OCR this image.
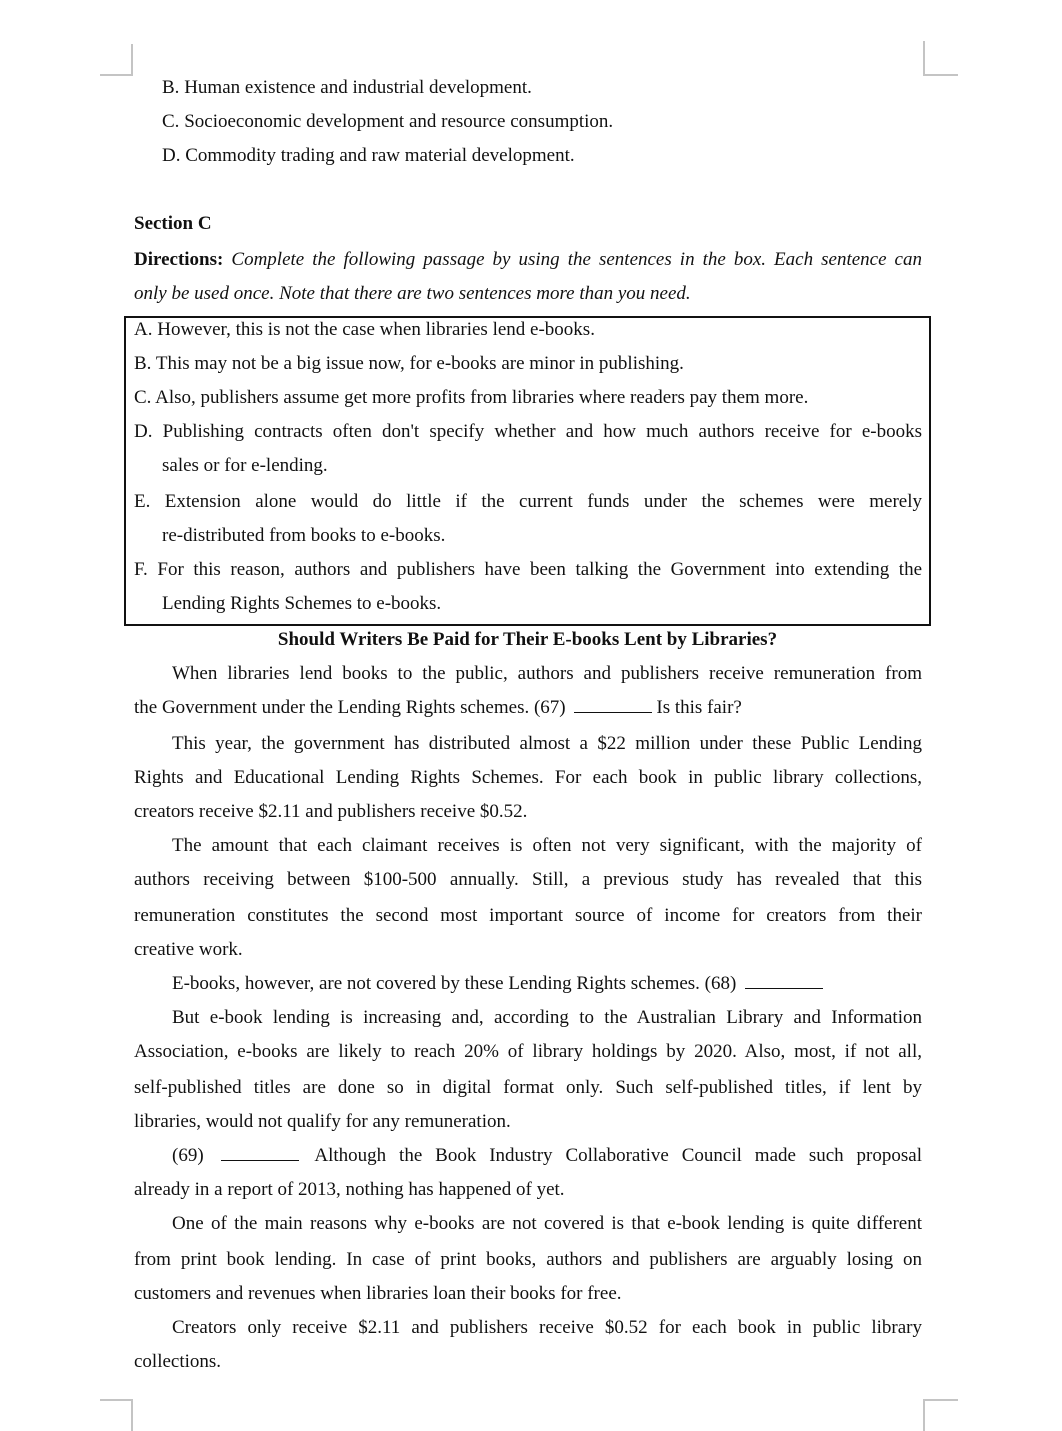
B. Human existence and industrial development.
C. Socioeconomic development and resource consumption.
D. Commodity trading and raw material development.
Section C
Directions: Complete the following passage by using the sentences in the box. Each sentence can
only be used once. Note that there are two sentences more than you need.
A. However, this is not the case when libraries lend e-books.
B. This may not be a big issue now, for e-books are minor in publishing.
C. Also, publishers assume get more profits from libraries where readers pay them more.
D. Publishing contracts often don't specify whether and how much authors receive for e-books
sales or for e-lending.
E. Extension alone would do little if the current funds under the schemes were merely
re-distributed from books to e-books.
F. For this reason, authors and publishers have been talking the Government into extending the
Lending Rights Schemes to e-books.
Should Writers Be Paid for Their E-books Lent by Libraries?
When libraries lend books to the public, authors and publishers receive remuneration from
the Government under the Lending Rights schemes. (67)	Is this fair?
This year, the government has distributed almost a $22 million under these Public Lending
Rights and Educational Lending Rights Schemes. For each book in public library collections,
creators receive $2.11 and publishers receive $0.52.
The amount that each claimant receives is often not very significant, with the majority of
authors receiving between $100-500 annually. Still, a previous study has revealed that this
remuneration constitutes the second most important source of income for creators from their
creative work.
E-books, however, are not covered by these Lending Rights schemes. (68)
But e-book lending is increasing and, according to the Australian Library and Information
Association, e-books are likely to reach 20% of library holdings by 2020. Also, most, if not all,
self-published titles are done so in digital format only. Such self-published titles, if lent by
libraries, would not qualify for any remuneration.
(69)	Although the Book Industry Collaborative Council made such proposal
already in a report of 2013, nothing has happened of yet.
One of the main reasons why e-books are not covered is that e-book lending is quite different
from print book lending. In case of print books, authors and publishers are arguably losing on
customers and revenues when libraries loan their books for free.
Creators only receive $2.11 and publishers receive $0.52 for each book in public library
collections.
